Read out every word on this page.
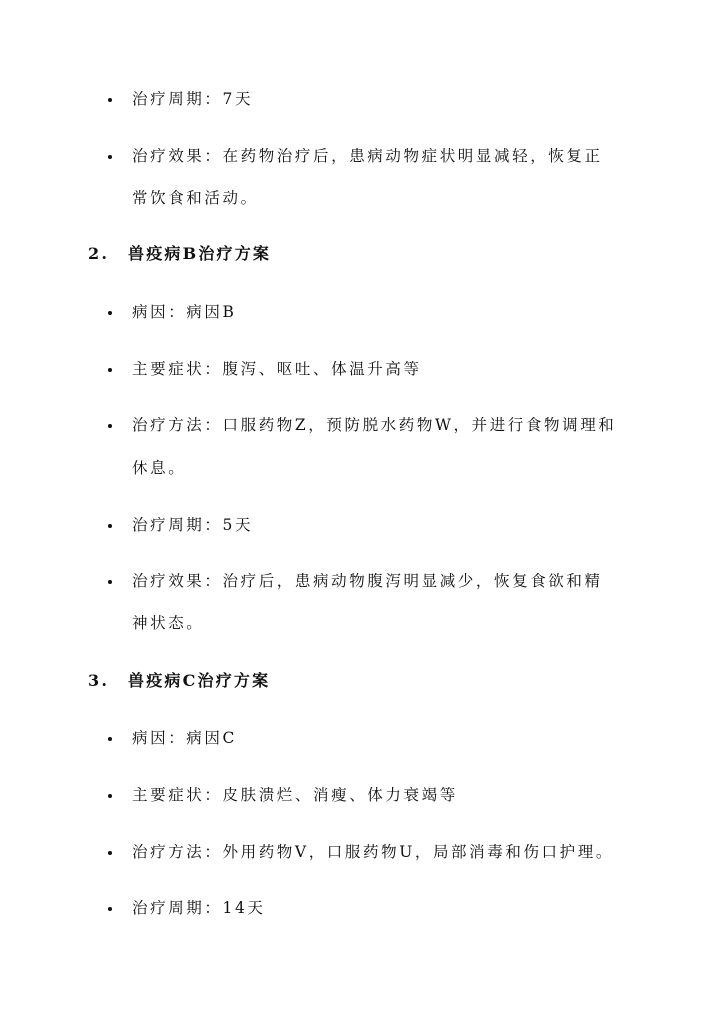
治疗周期：7天
治疗效果：在药物治疗后，患病动物症状明显减轻，恢复正
常饮食和活动。
2. 兽疫病B治疗方案
病因：病因B
主要症状：腹泻、呕吐、体温升高等
治疗方法：口服药物Z，预防脱水药物W，并进行食物调理和
休息。
治疗周期：5天
治疗效果：治疗后，患病动物腹泻明显减少，恢复食欲和精
神状态。
3. 兽疫病C治疗方案
病因：病因C
主要症状：皮肤溃烂、消瘦、体力衰竭等
治疗方法：外用药物V，口服药物U，局部消毒和伤口护理。
治疗周期：14天
